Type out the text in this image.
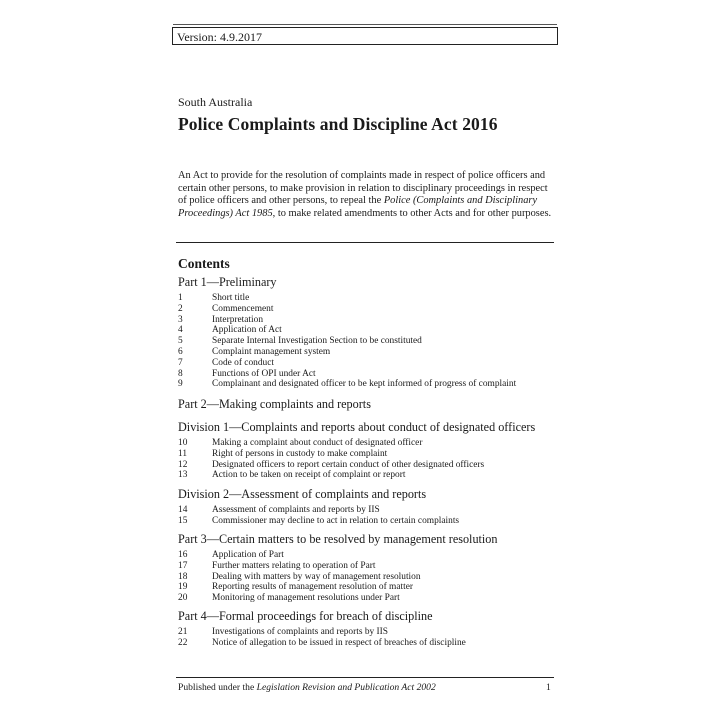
Version: 4.9.2017
South Australia
Police Complaints and Discipline Act 2016
An Act to provide for the resolution of complaints made in respect of police officers and certain other persons, to make provision in relation to disciplinary proceedings in respect of police officers and other persons, to repeal the Police (Complaints and Disciplinary Proceedings) Act 1985, to make related amendments to other Acts and for other purposes.
Contents
Part 1—Preliminary
1	Short title
2	Commencement
3	Interpretation
4	Application of Act
5	Separate Internal Investigation Section to be constituted
6	Complaint management system
7	Code of conduct
8	Functions of OPI under Act
9	Complainant and designated officer to be kept informed of progress of complaint
Part 2—Making complaints and reports
Division 1—Complaints and reports about conduct of designated officers
10	Making a complaint about conduct of designated officer
11	Right of persons in custody to make complaint
12	Designated officers to report certain conduct of other designated officers
13	Action to be taken on receipt of complaint or report
Division 2—Assessment of complaints and reports
14	Assessment of complaints and reports by IIS
15	Commissioner may decline to act in relation to certain complaints
Part 3—Certain matters to be resolved by management resolution
16	Application of Part
17	Further matters relating to operation of Part
18	Dealing with matters by way of management resolution
19	Reporting results of management resolution of matter
20	Monitoring of management resolutions under Part
Part 4—Formal proceedings for breach of discipline
21	Investigations of complaints and reports by IIS
22	Notice of allegation to be issued in respect of breaches of discipline
Published under the Legislation Revision and Publication Act 2002	1
